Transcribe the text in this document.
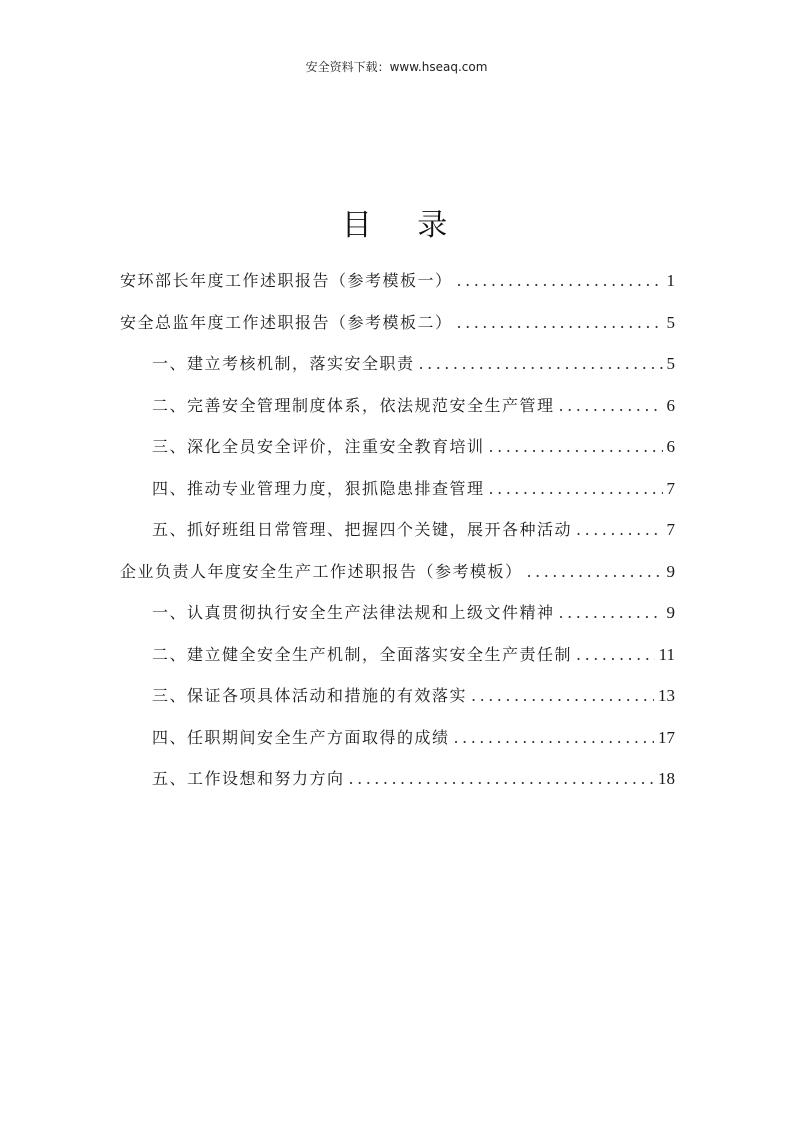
安全资料下载：www.hseaq.com
目 录
安环部长年度工作述职报告（参考模板一） .....	1
安全总监年度工作述职报告（参考模板二） .....	5
一、建立考核机制，落实安全职责 .....	5
二、完善安全管理制度体系，依法规范安全生产管理 .....	6
三、深化全员安全评价，注重安全教育培训 .....	6
四、推动专业管理力度，狠抓隐患排查管理 .....	7
五、抓好班组日常管理、把握四个关键，展开各种活动 .....	7
企业负责人年度安全生产工作述职报告（参考模板） .....	9
一、认真贯彻执行安全生产法律法规和上级文件精神 .....	9
二、建立健全安全生产机制，全面落实安全生产责任制 .....	11
三、保证各项具体活动和措施的有效落实 .....	13
四、任职期间安全生产方面取得的成绩 .....	17
五、工作设想和努力方向 .....	18
